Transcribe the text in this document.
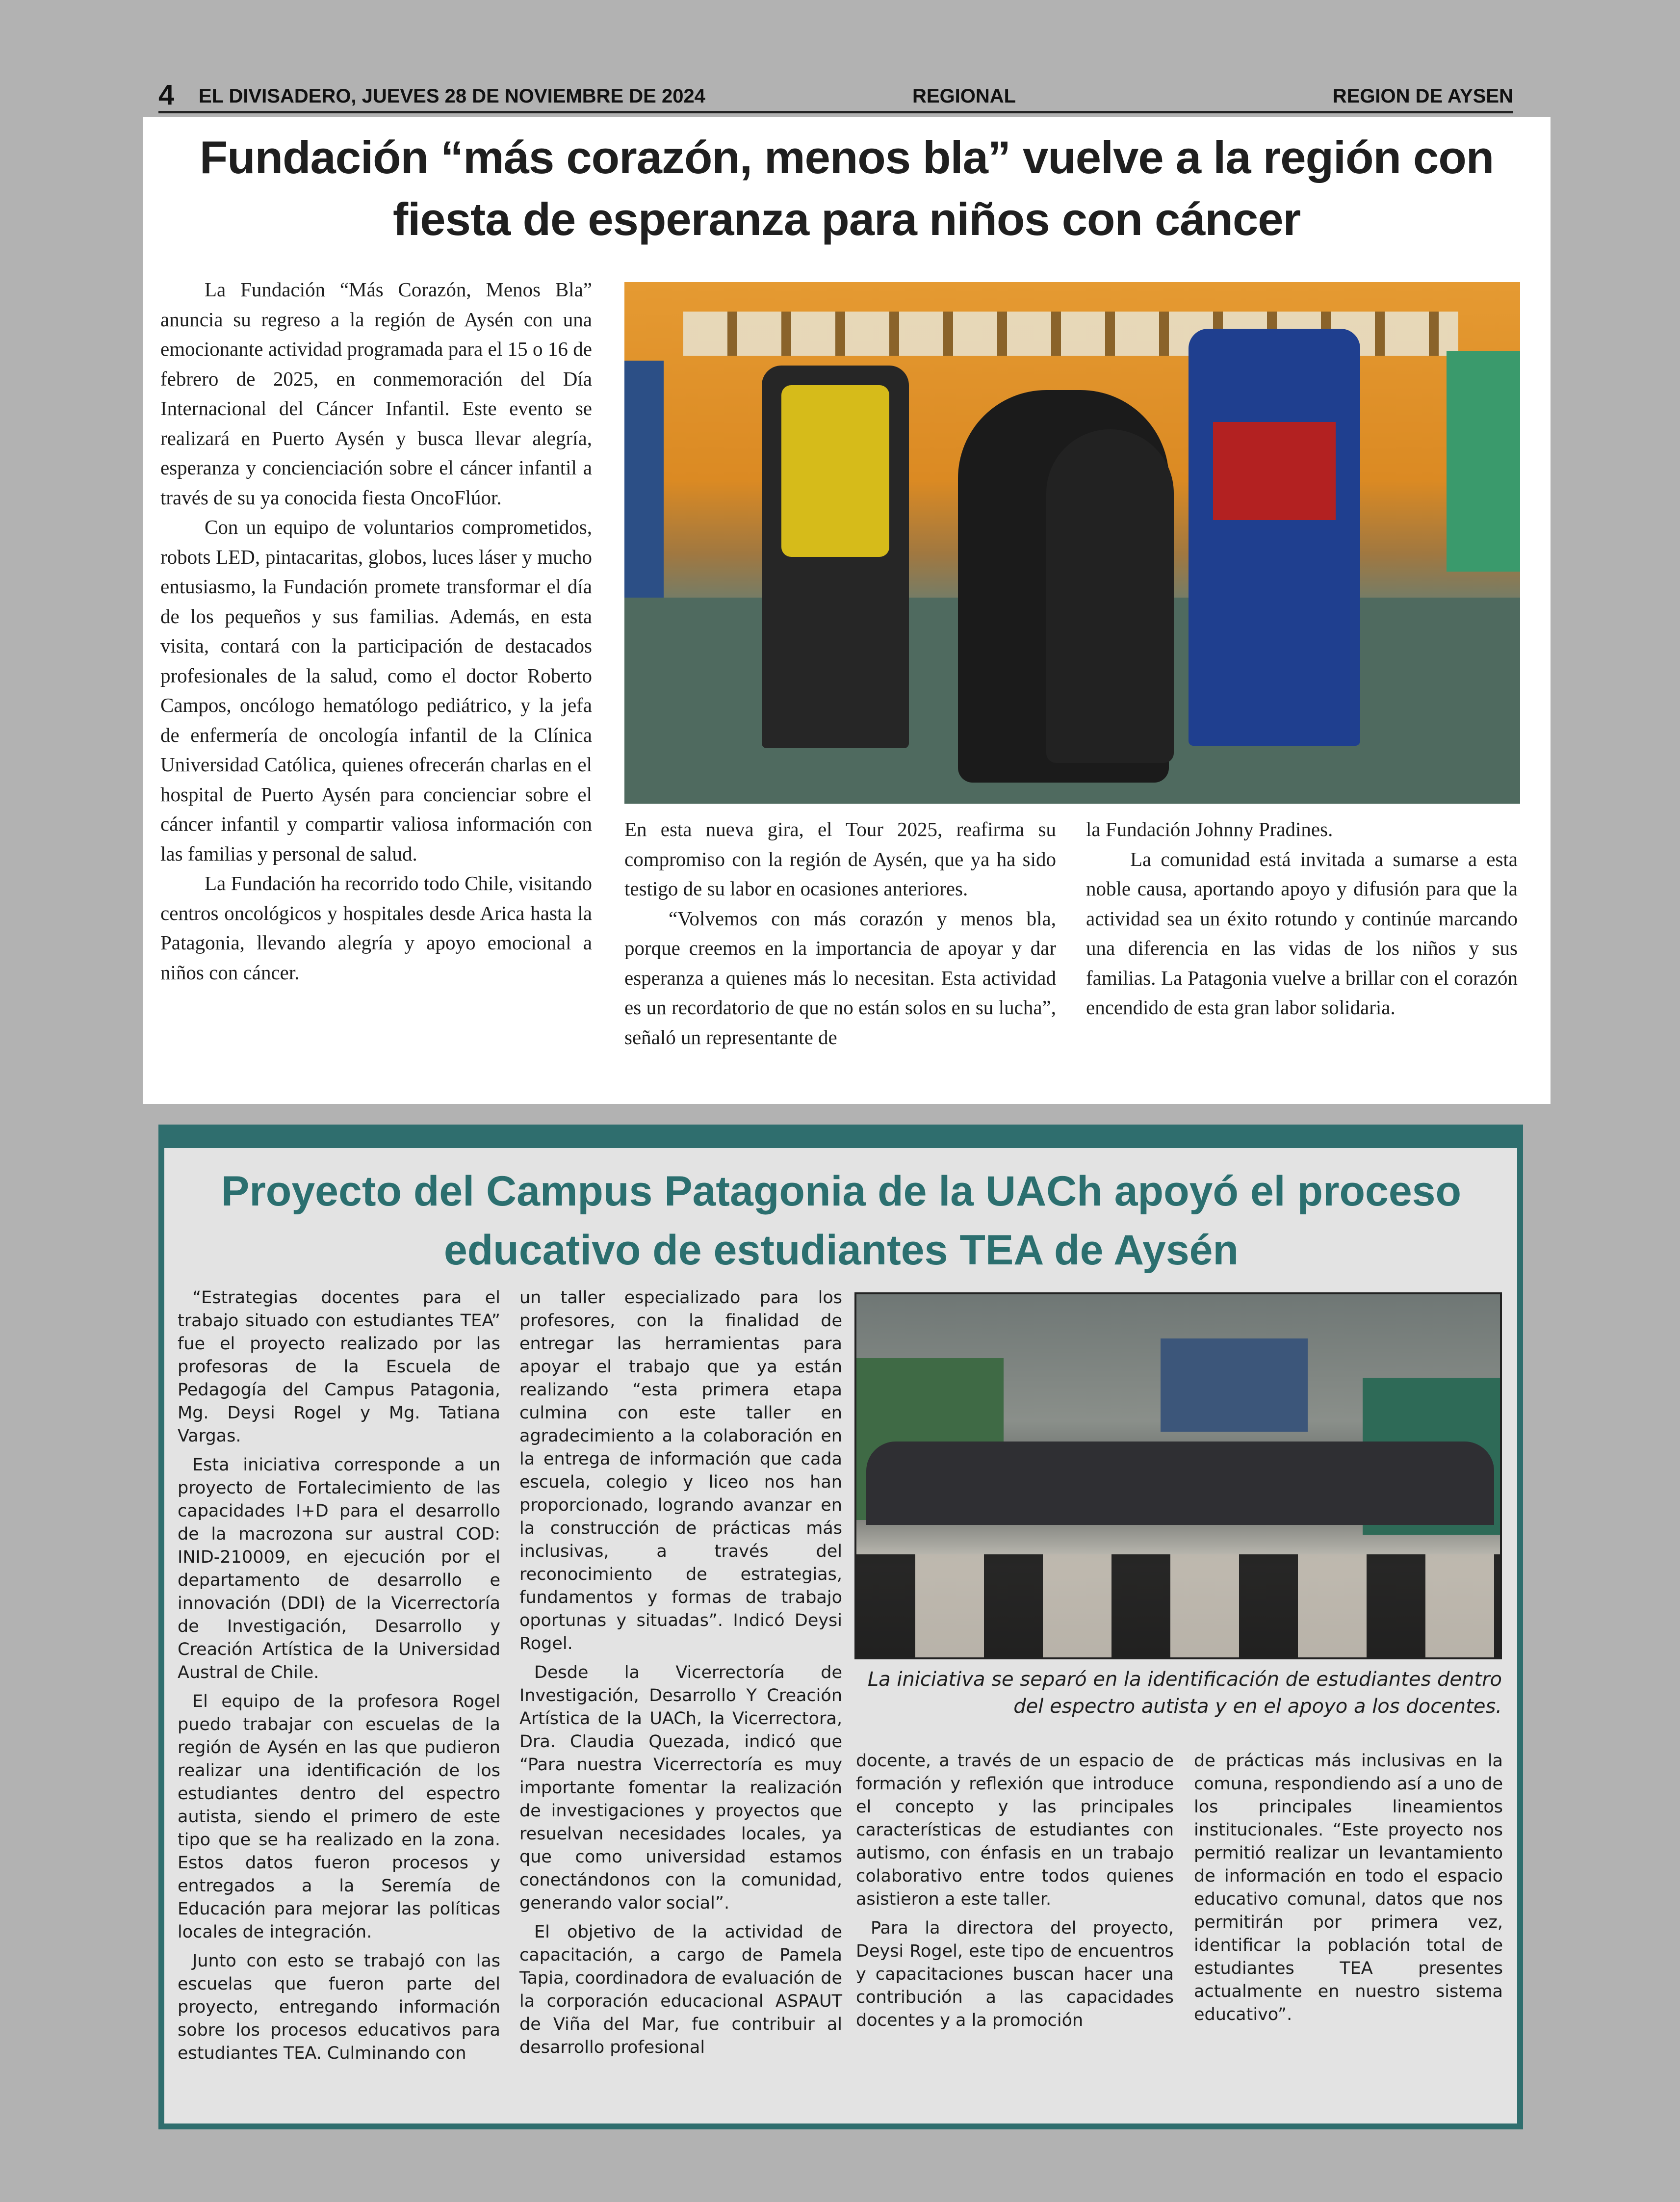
4 EL DIVISADERO, JUEVES 28 DE NOVIEMBRE DE 2024	REGIONAL	REGION DE AYSEN
Fundación “más corazón, menos bla” vuelve a la región con fiesta de esperanza para niños con cáncer

La Fundación “Más Corazón, Menos Bla” anuncia su regreso a la región de Aysén con una emocionante actividad programada para el 15 o 16 de febrero de 2025, en conmemoración del Día Internacional del Cáncer Infantil. Este evento se realizará en Puerto Aysén y busca llevar alegría, esperanza y concienciación sobre el cáncer infantil a través de su ya conocida fiesta OncoFlúor.

Con un equipo de voluntarios comprometidos, robots LED, pintacaritas, globos, luces láser y mucho entusiasmo, la Fundación promete transformar el día de los pequeños y sus familias. Además, en esta visita, contará con la participación de destacados profesionales de la salud, como el doctor Roberto Campos, oncólogo hematólogo pediátrico, y la jefa de enfermería de oncología infantil de la Clínica Universidad Católica, quienes ofrecerán charlas en el hospital de Puerto Aysén para concienciar sobre el cáncer infantil y compartir valiosa información con las familias y personal de salud.

La Fundación ha recorrido todo Chile, visitando centros oncológicos y hospitales desde Arica hasta la Patagonia, llevando alegría y apoyo emocional a niños con cáncer.

En esta nueva gira, el Tour 2025, reafirma su compromiso con la región de Aysén, que ya ha sido testigo de su labor en ocasiones anteriores.

“Volvemos con más corazón y menos bla, porque creemos en la importancia de apoyar y dar esperanza a quienes más lo necesitan. Esta actividad es un recordatorio de que no están solos en su lucha”, señaló un representante de

la Fundación Johnny Pradines.

La comunidad está invitada a sumarse a esta noble causa, aportando apoyo y difusión para que la actividad sea un éxito rotundo y continúe marcando una diferencia en las vidas de los niños y sus familias. La Patagonia vuelve a brillar con el corazón encendido de esta gran labor solidaria.

Proyecto del Campus Patagonia de la UACh apoyó el proceso educativo de estudiantes TEA de Aysén

“Estrategias docentes para el trabajo situado con estudiantes TEA” fue el proyecto realizado por las profesoras de la Escuela de Pedagogía del Campus Patagonia, Mg. Deysi Rogel y Mg. Tatiana Vargas.

Esta iniciativa corresponde a un proyecto de Fortalecimiento de las capacidades I+D para el desarrollo de la macrozona sur austral COD: INID-210009, en ejecución por el departamento de desarrollo e innovación (DDI) de la Vicerrectoría de Investigación, Desarrollo y Creación Artística de la Universidad Austral de Chile.

El equipo de la profesora Rogel puedo trabajar con escuelas de la región de Aysén en las que pudieron realizar una identificación de los estudiantes dentro del espectro autista, siendo el primero de este tipo que se ha realizado en la zona. Estos datos fueron procesos y entregados a la Seremía de Educación para mejorar las políticas locales de integración.

Junto con esto se trabajó con las escuelas que fueron parte del proyecto, entregando información sobre los procesos educativos para estudiantes TEA. Culminando con

un taller especializado para los profesores, con la finalidad de entregar las herramientas para apoyar el trabajo que ya están realizando “esta primera etapa culmina con este taller en agradecimiento a la colaboración en la entrega de información que cada escuela, colegio y liceo nos han proporcionado, logrando avanzar en la construcción de prácticas más inclusivas, a través del reconocimiento de estrategias, fundamentos y formas de trabajo oportunas y situadas”. Indicó Deysi Rogel.

Desde la Vicerrectoría de Investigación, Desarrollo Y Creación Artística de la UACh, la Vicerrectora, Dra. Claudia Quezada, indicó que “Para nuestra Vicerrectoría es muy importante fomentar la realización de investigaciones y proyectos que resuelvan necesidades locales, ya que como universidad estamos conectándonos con la comunidad, generando valor social”.

El objetivo de la actividad de capacitación, a cargo de Pamela Tapia, coordinadora de evaluación de la corporación educacional ASPAUT de Viña del Mar, fue contribuir al desarrollo profesional

La iniciativa se separó en la identificación de estudiantes dentro del espectro autista y en el apoyo a los docentes.

docente, a través de un espacio de formación y reflexión que introduce el concepto y las principales características de estudiantes con autismo, con énfasis en un trabajo colaborativo entre todos quienes asistieron a este taller.

Para la directora del proyecto, Deysi Rogel, este tipo de encuentros y capacitaciones buscan hacer una contribución a las capacidades docentes y a la promoción

de prácticas más inclusivas en la comuna, respondiendo así a uno de los principales lineamientos institucionales. “Este proyecto nos permitió realizar un levantamiento de información en todo el espacio educativo comunal, datos que nos permitirán por primera vez, identificar la población total de estudiantes TEA presentes actualmente en nuestro sistema educativo”.
